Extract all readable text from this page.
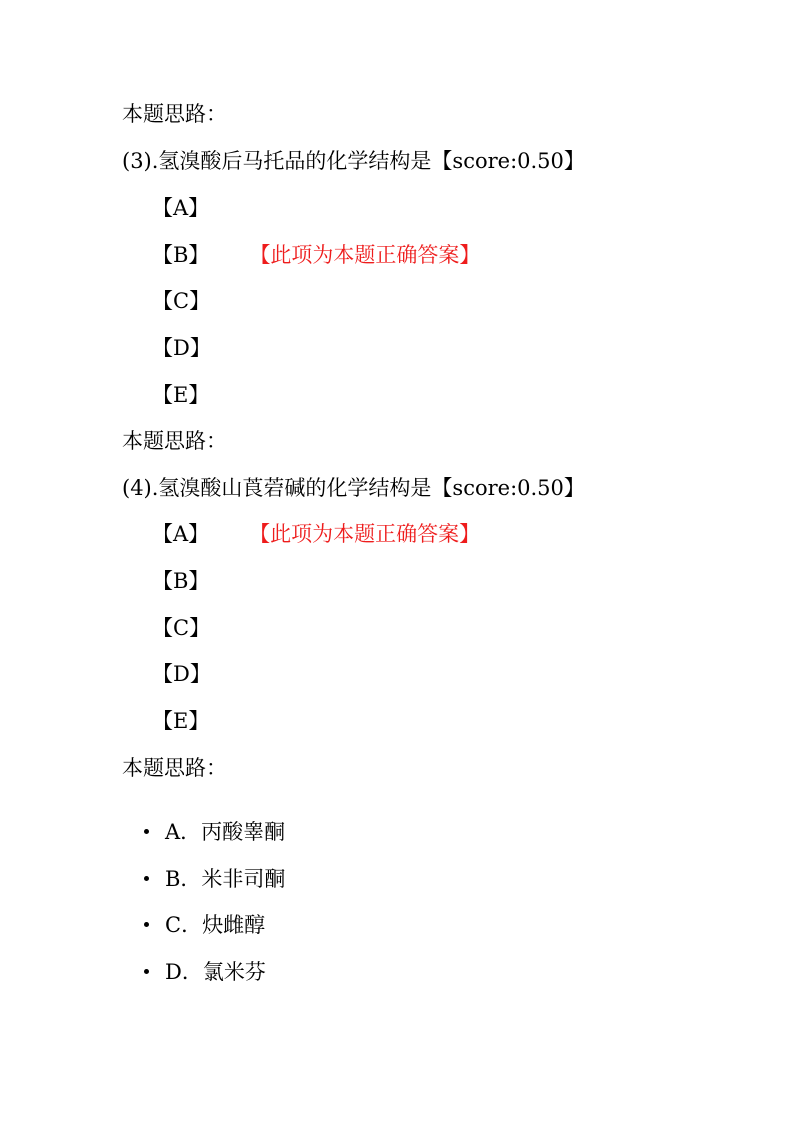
本题思路：
(3).氢溴酸后马托品的化学结构是【score:0.50】
【A】
【B】 【此项为本题正确答案】
【C】
【D】
【E】
本题思路：
(4).氢溴酸山莨菪碱的化学结构是【score:0.50】
【A】 【此项为本题正确答案】
【B】
【C】
【D】
【E】
本题思路：
A．丙酸睾酮
B．米非司酮
C．炔雌醇
D．氯米芬
